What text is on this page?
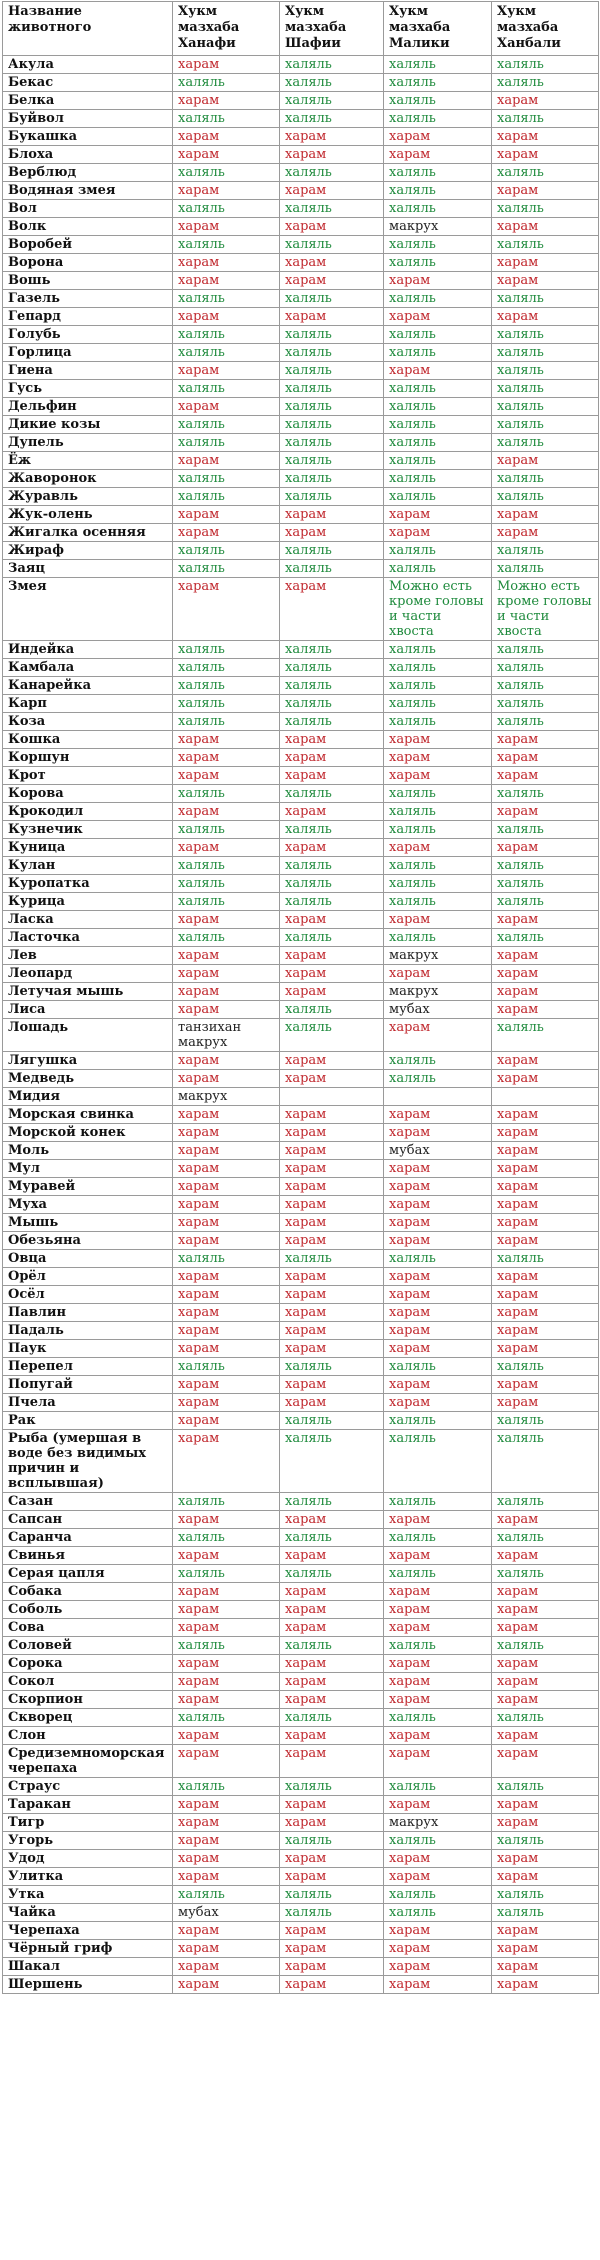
Название животного	Хукм мазхаба Ханафи	Хукм мазхаба Шафии	Хукм мазхаба Малики	Хукм мазхаба Ханбали
Акула	харам	халяль	халяль	халяль
Бекас	халяль	халяль	халяль	халяль
Белка	харам	халяль	халяль	харам
Буйвол	халяль	халяль	халяль	халяль
Букашка	харам	харам	харам	харам
Блоха	харам	харам	харам	харам
Верблюд	халяль	халяль	халяль	халяль
Водяная змея	харам	харам	халяль	харам
Вол	халяль	халяль	халяль	халяль
Волк	харам	харам	макрух	харам
Воробей	халяль	халяль	халяль	халяль
Ворона	харам	харам	халяль	харам
Вошь	харам	харам	харам	харам
Газель	халяль	халяль	халяль	халяль
Гепард	харам	харам	харам	харам
Голубь	халяль	халяль	халяль	халяль
Горлица	халяль	халяль	халяль	халяль
Гиена	харам	халяль	харам	халяль
Гусь	халяль	халяль	халяль	халяль
Дельфин	харам	халяль	халяль	халяль
Дикие козы	халяль	халяль	халяль	халяль
Дупель	халяль	халяль	халяль	халяль
Ёж	харам	халяль	халяль	харам
Жаворонок	халяль	халяль	халяль	халяль
Журавль	халяль	халяль	халяль	халяль
Жук-олень	харам	харам	харам	харам
Жигалка осенняя	харам	харам	харам	харам
Жираф	халяль	халяль	халяль	халяль
Заяц	халяль	халяль	халяль	халяль
Змея	харам	харам	Можно есть кроме головы и части хвоста	Можно есть кроме головы и части хвоста
Индейка	халяль	халяль	халяль	халяль
Камбала	халяль	халяль	халяль	халяль
Канарейка	халяль	халяль	халяль	халяль
Карп	халяль	халяль	халяль	халяль
Коза	халяль	халяль	халяль	халяль
Кошка	харам	харам	харам	харам
Коршун	харам	харам	харам	харам
Крот	харам	харам	харам	харам
Корова	халяль	халяль	халяль	халяль
Крокодил	харам	харам	халяль	харам
Кузнечик	халяль	халяль	халяль	халяль
Куница	харам	харам	харам	харам
Кулан	халяль	халяль	халяль	халяль
Куропатка	халяль	халяль	халяль	халяль
Курица	халяль	халяль	халяль	халяль
Ласка	харам	харам	харам	харам
Ласточка	халяль	халяль	халяль	халяль
Лев	харам	харам	макрух	харам
Леопард	харам	харам	харам	харам
Летучая мышь	харам	харам	макрух	харам
Лиса	харам	халяль	мубах	харам
Лошадь	танзихан макрух	халяль	харам	халяль
Лягушка	харам	харам	халяль	харам
Медведь	харам	харам	халяль	харам
Мидия	макрух			
Морская свинка	харам	харам	харам	харам
Морской конек	харам	харам	харам	харам
Моль	харам	харам	мубах	харам
Мул	харам	харам	харам	харам
Муравей	харам	харам	харам	харам
Муха	харам	харам	харам	харам
Мышь	харам	харам	харам	харам
Обезьяна	харам	харам	харам	харам
Овца	халяль	халяль	халяль	халяль
Орёл	харам	харам	харам	харам
Осёл	харам	харам	харам	харам
Павлин	харам	харам	харам	харам
Падаль	харам	харам	харам	харам
Паук	харам	харам	харам	харам
Перепел	халяль	халяль	халяль	халяль
Попугай	харам	харам	харам	харам
Пчела	харам	харам	харам	харам
Рак	харам	халяль	халяль	халяль
Рыба (умершая в воде без видимых причин и всплывшая)	харам	халяль	халяль	халяль
Сазан	халяль	халяль	халяль	халяль
Сапсан	харам	харам	харам	харам
Саранча	халяль	халяль	халяль	халяль
Свинья	харам	харам	харам	харам
Серая цапля	халяль	халяль	халяль	халяль
Собака	харам	харам	харам	харам
Соболь	харам	харам	харам	харам
Сова	харам	харам	харам	харам
Соловей	халяль	халяль	халяль	халяль
Сорока	харам	харам	харам	харам
Сокол	харам	харам	харам	харам
Скорпион	харам	харам	харам	харам
Скворец	халяль	халяль	халяль	халяль
Слон	харам	харам	харам	харам
Средиземноморская черепаха	харам	харам	харам	харам
Страус	халяль	халяль	халяль	халяль
Таракан	харам	харам	харам	харам
Тигр	харам	харам	макрух	харам
Угорь	харам	халяль	халяль	халяль
Удод	харам	харам	харам	харам
Улитка	харам	харам	харам	харам
Утка	халяль	халяль	халяль	халяль
Чайка	мубах	халяль	халяль	халяль
Черепаха	харам	харам	харам	харам
Чёрный гриф	харам	харам	харам	харам
Шакал	харам	харам	харам	харам
Шершень	харам	харам	харам	харам
